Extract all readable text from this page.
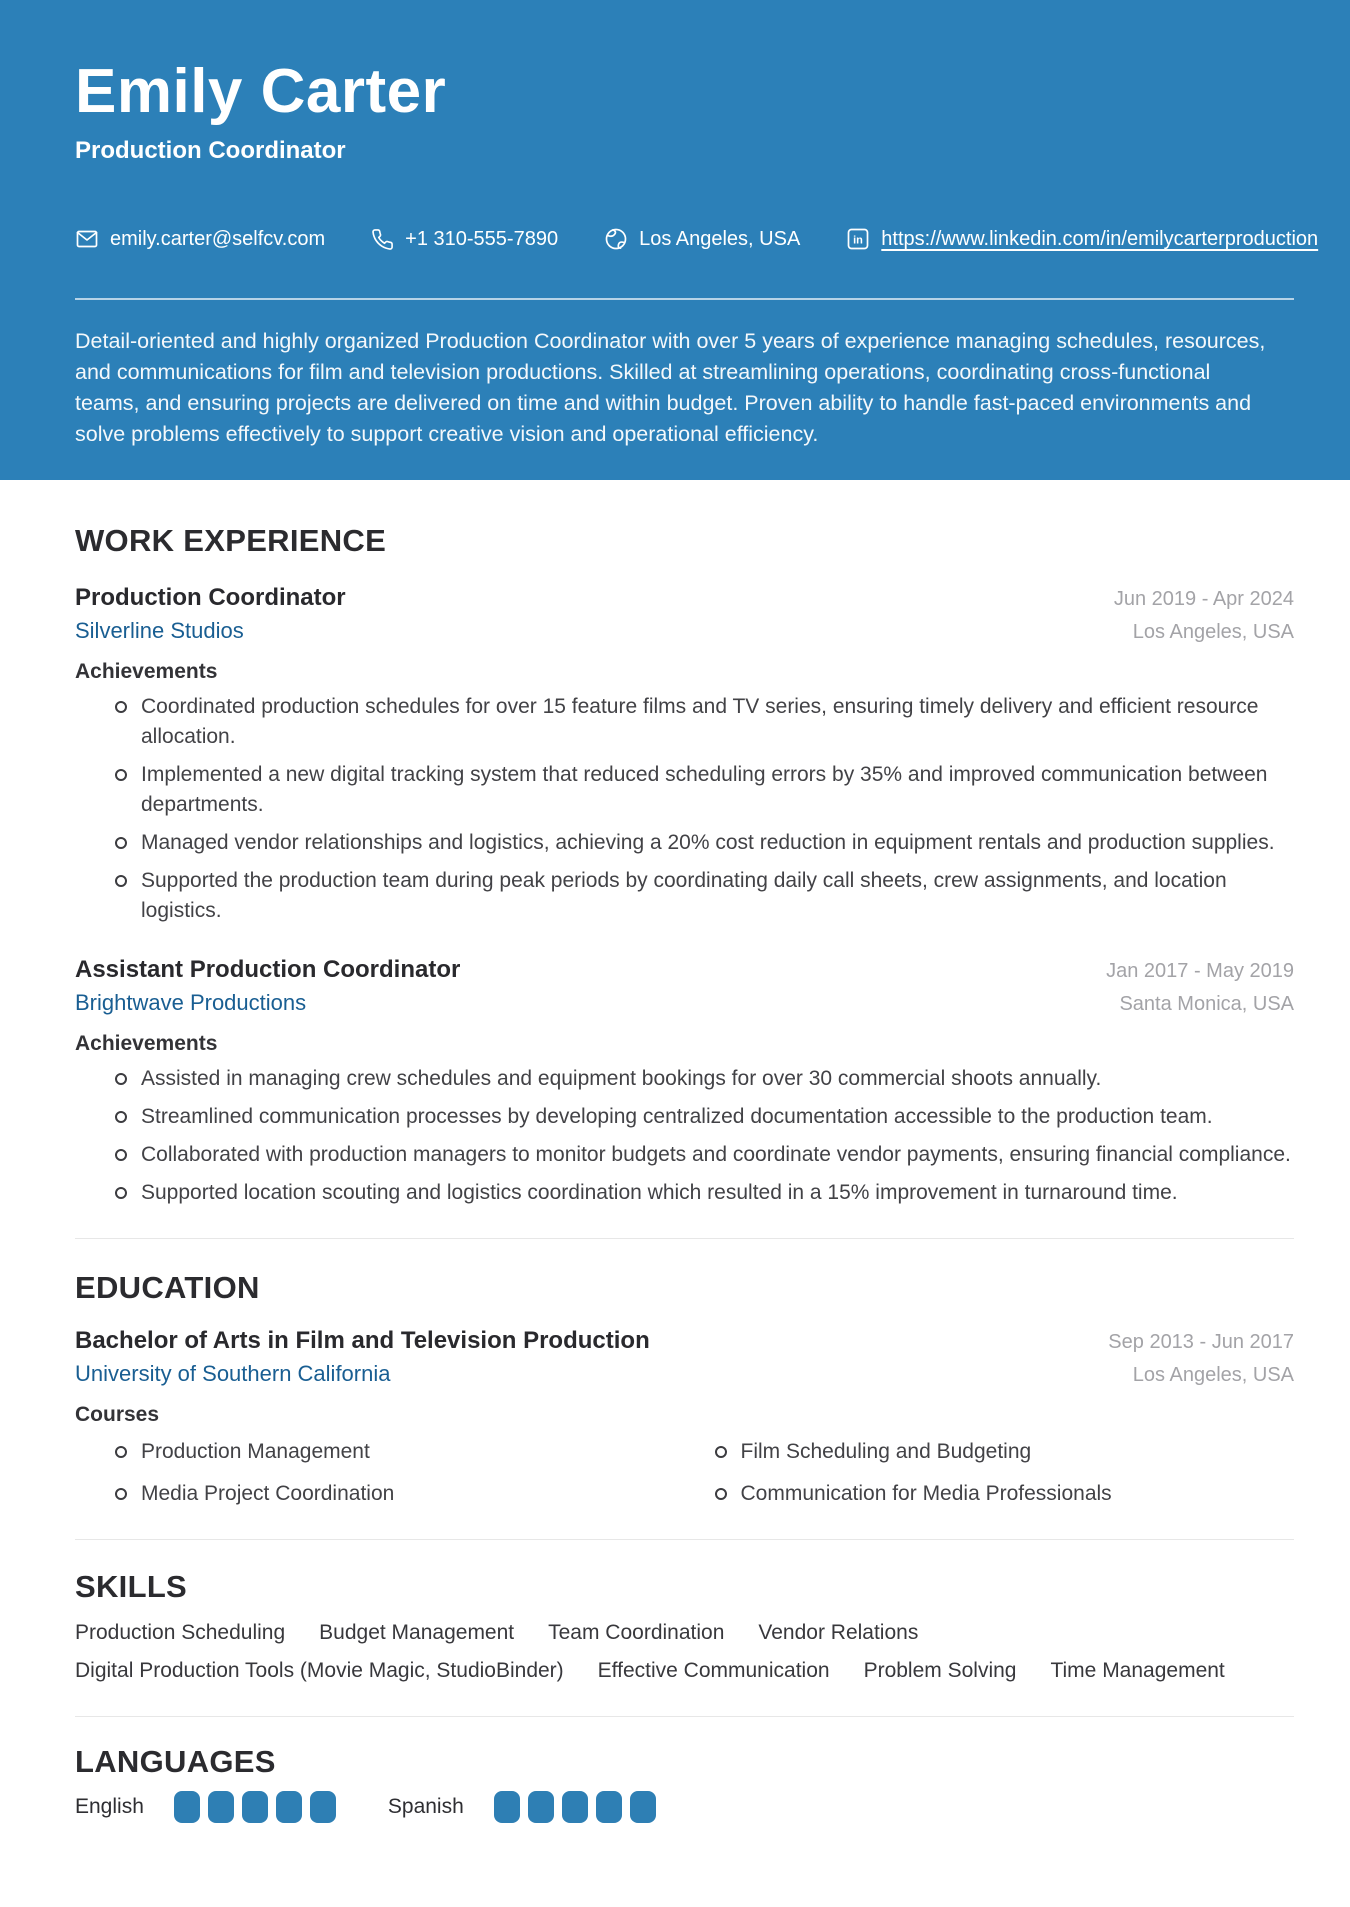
Emily Carter
Production Coordinator
emily.carter@selfcv.com	+1 310-555-7890	Los Angeles, USA	in https://www.linkedin.com/in/emilycarterproduction

Detail-oriented and highly organized Production Coordinator with over 5 years of experience managing schedules, resources, and communications for film and television productions. Skilled at streamlining operations, coordinating cross-functional teams, and ensuring projects are delivered on time and within budget. Proven ability to handle fast-paced environments and solve problems effectively to support creative vision and operational efficiency.

WORK EXPERIENCE
Production Coordinator	Jun 2019 - Apr 2024
Silverline Studios	Los Angeles, USA
Achievements
Coordinated production schedules for over 15 feature films and TV series, ensuring timely delivery and efficient resource allocation.
Implemented a new digital tracking system that reduced scheduling errors by 35% and improved communication between departments.
Managed vendor relationships and logistics, achieving a 20% cost reduction in equipment rentals and production supplies.
Supported the production team during peak periods by coordinating daily call sheets, crew assignments, and location logistics.
Assistant Production Coordinator	Jan 2017 - May 2019
Brightwave Productions	Santa Monica, USA
Achievements
Assisted in managing crew schedules and equipment bookings for over 30 commercial shoots annually.
Streamlined communication processes by developing centralized documentation accessible to the production team.
Collaborated with production managers to monitor budgets and coordinate vendor payments, ensuring financial compliance.
Supported location scouting and logistics coordination which resulted in a 15% improvement in turnaround time.
EDUCATION
Bachelor of Arts in Film and Television Production	Sep 2013 - Jun 2017
University of Southern California	Los Angeles, USA
Courses
Production Management	Film Scheduling and Budgeting
Media Project Coordination	Communication for Media Professionals
SKILLS
Production Scheduling Budget Management Team Coordination Vendor Relations
Digital Production Tools (Movie Magic, StudioBinder) Effective Communication Problem Solving Time Management
LANGUAGES
English	Spanish
